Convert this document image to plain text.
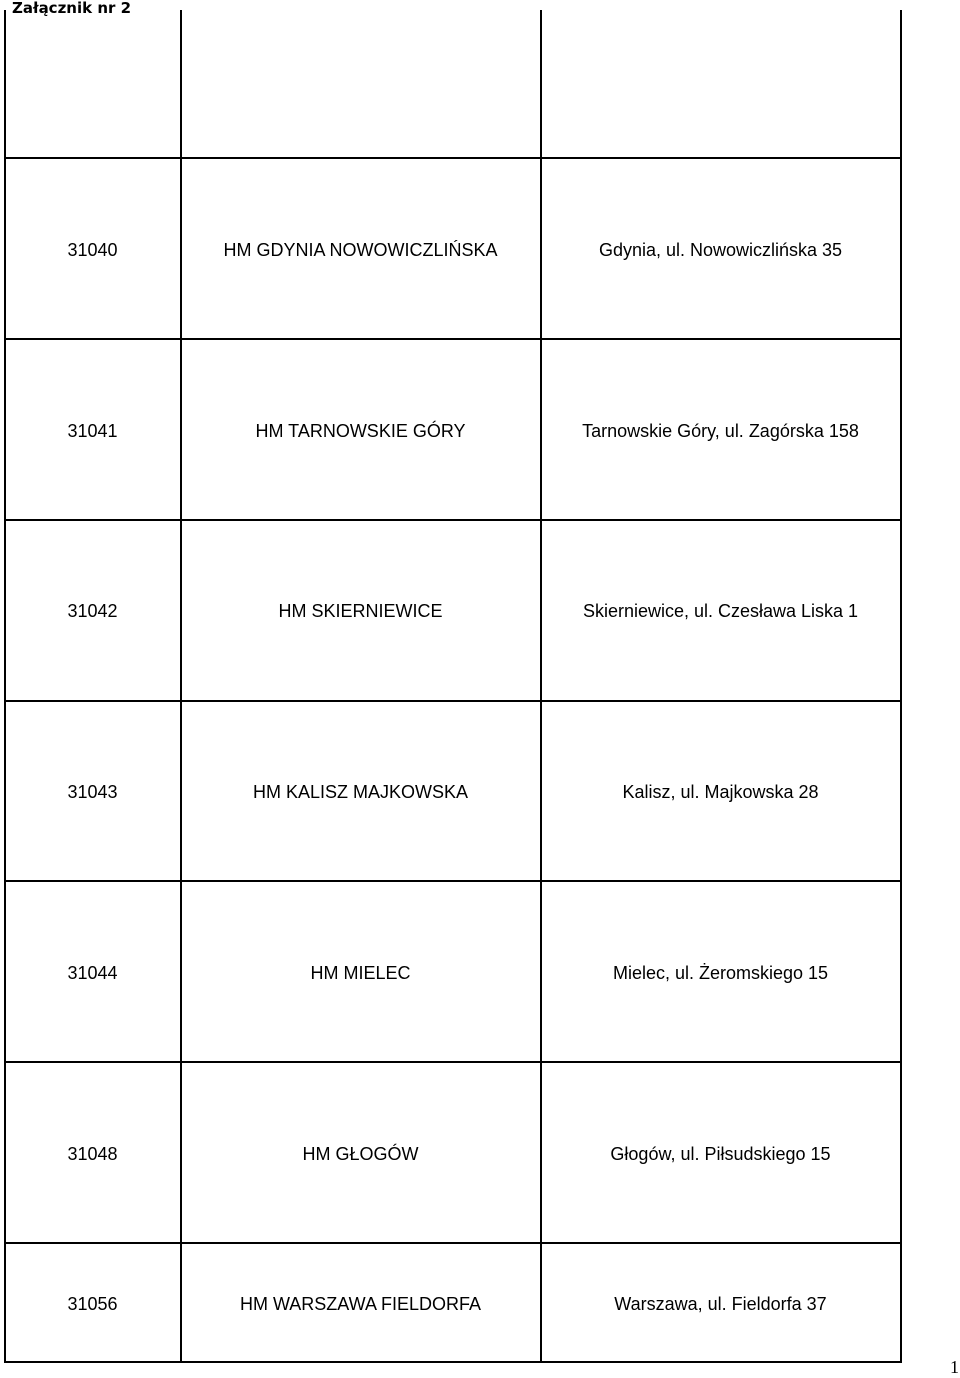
Załącznik nr 2
31040	HM GDYNIA NOWOWICZLIŃSKA	Gdynia, ul. Nowowiczlińska 35
31041	HM TARNOWSKIE GÓRY	Tarnowskie Góry, ul. Zagórska 158
31042	HM SKIERNIEWICE	Skierniewice, ul. Czesława Liska 1
31043	HM KALISZ MAJKOWSKA	Kalisz, ul. Majkowska 28
31044	HM MIELEC	Mielec, ul. Żeromskiego 15
31048	HM GŁOGÓW	Głogów, ul. Piłsudskiego 15
31056	HM WARSZAWA FIELDORFA	Warszawa, ul. Fieldorfa 37
1
